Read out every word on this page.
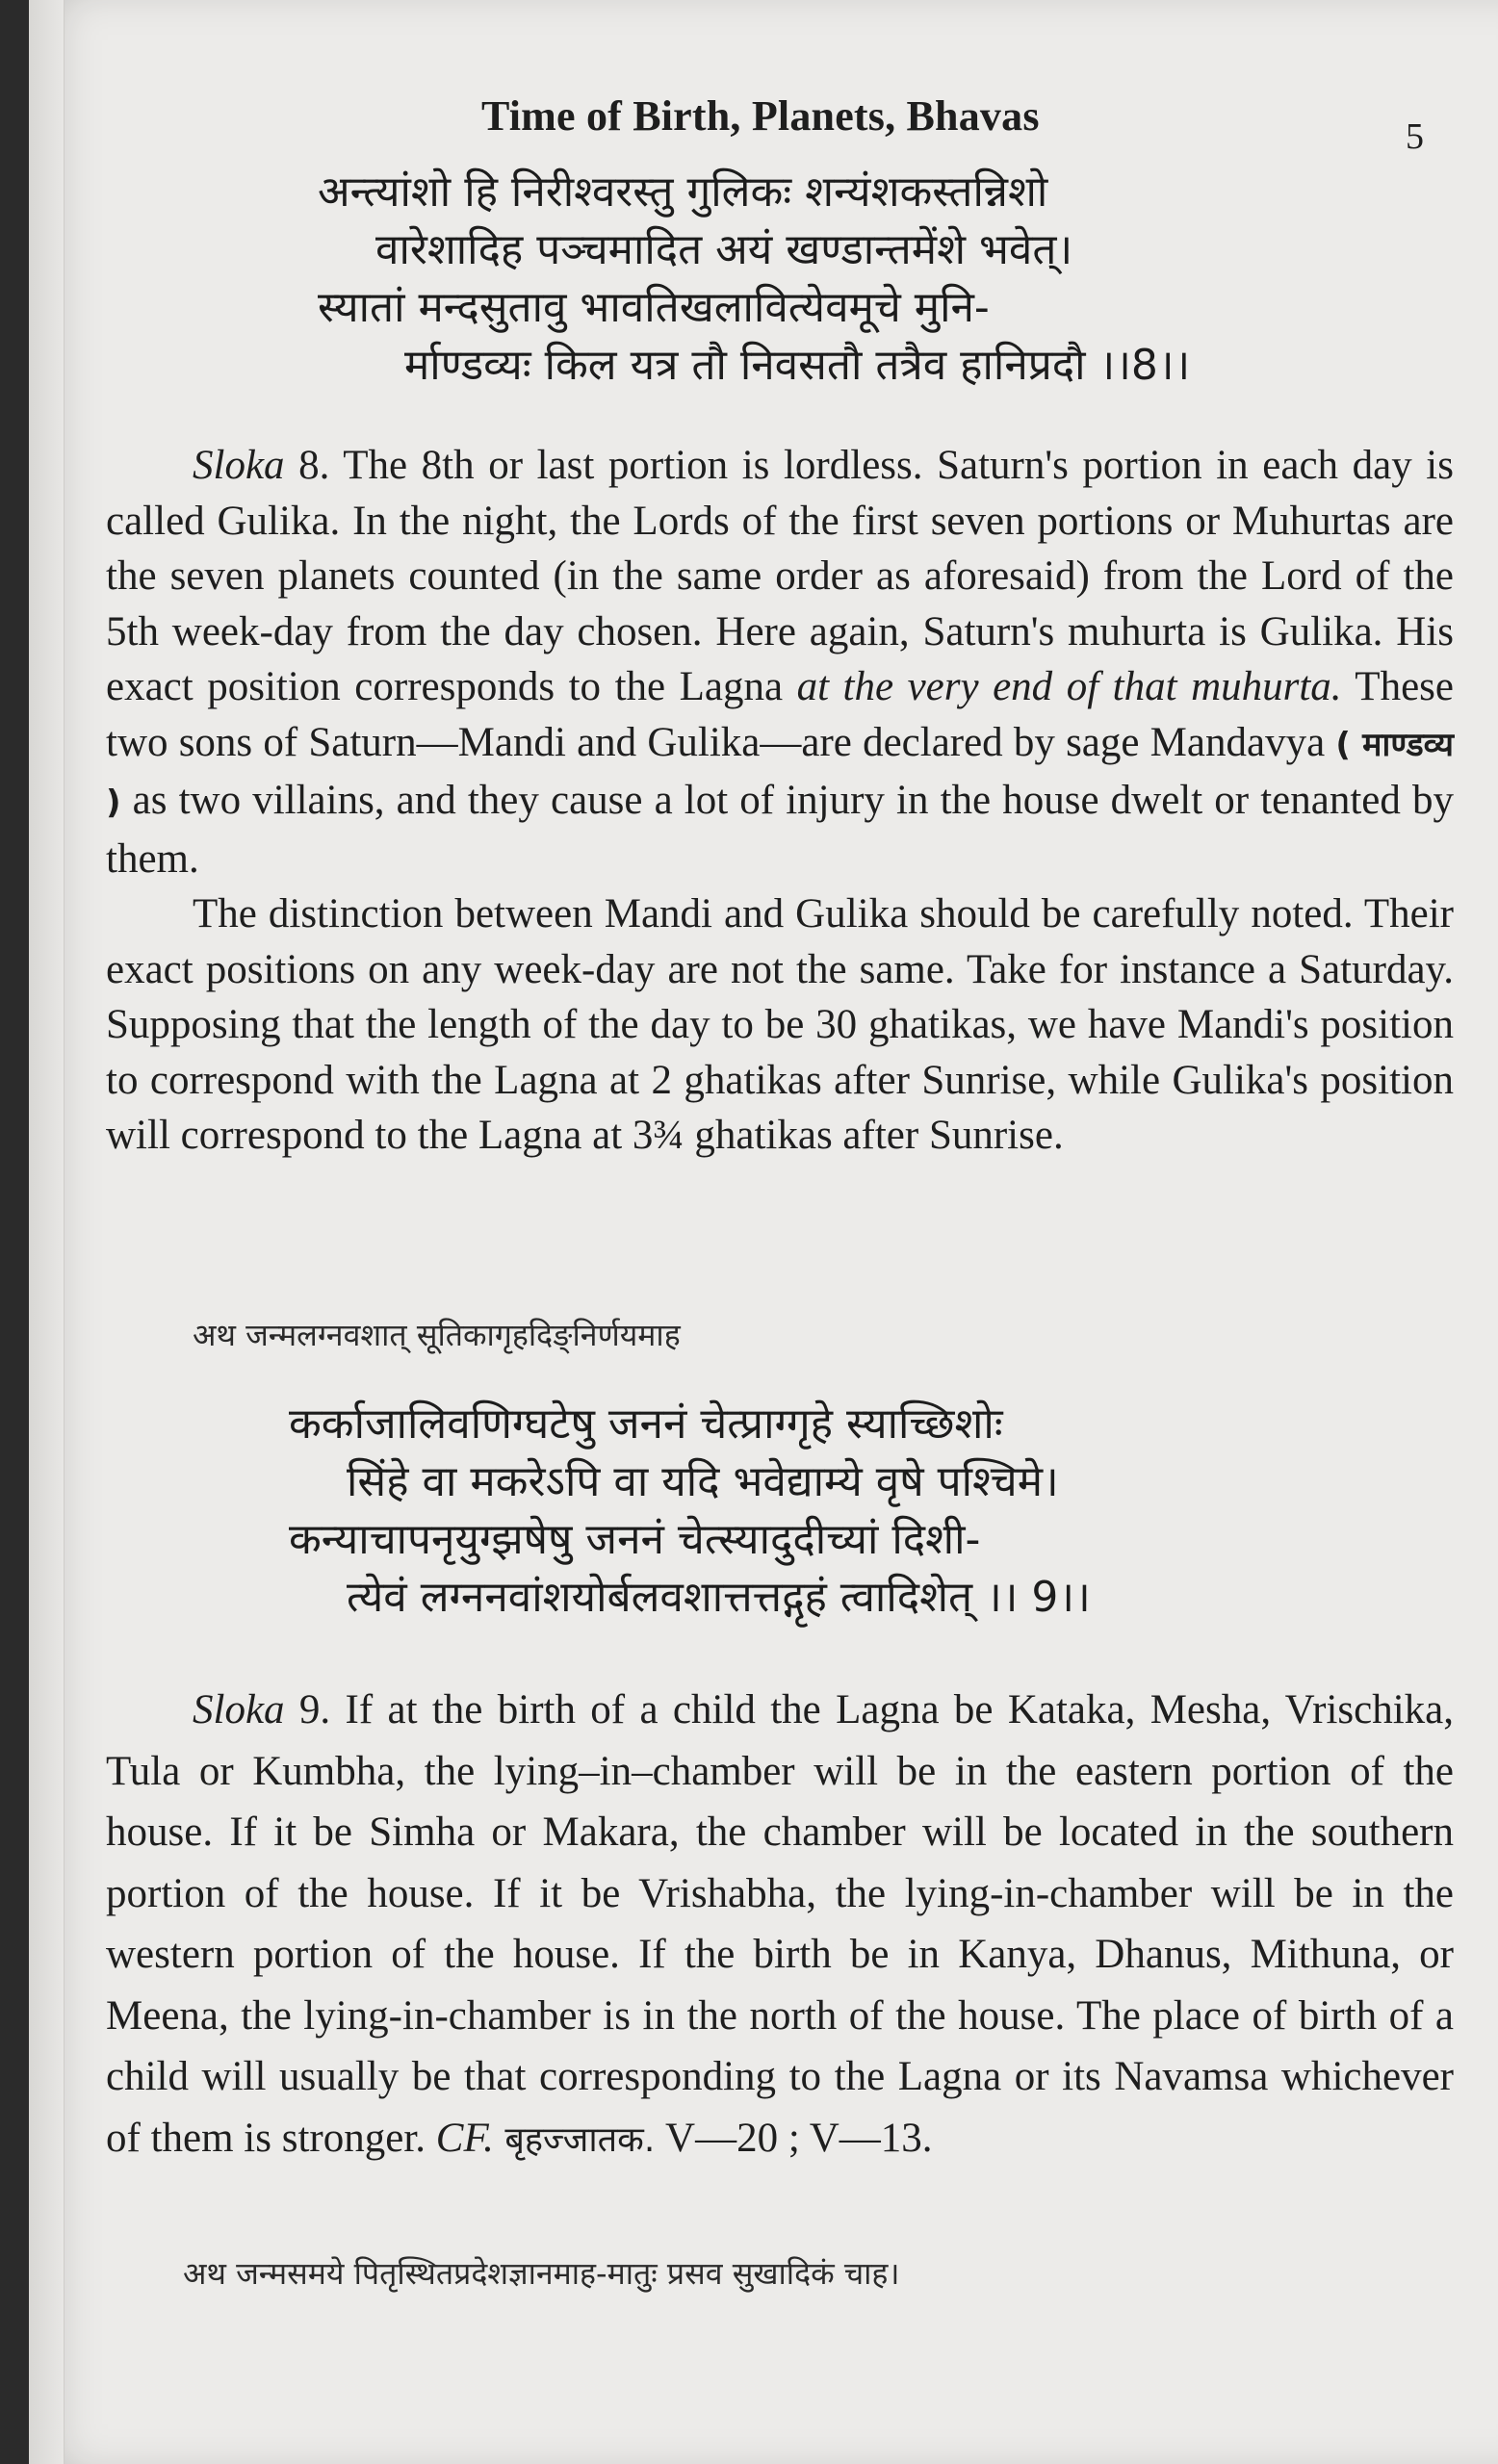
Time of Birth, Planets, Bhavas	5
अन्त्यांशो हि निरीश्वरस्तु गुलिकः शन्यंशकस्तन्निशो
वारेशादिह पञ्चमादित अयं खण्डान्तमेंशे भवेत्।
स्यातां मन्दसुतावु भावतिखलावित्येवमूचे मुनि-
र्माण्डव्यः किल यत्र तौ निवसतौ तत्रैव हानिप्रदौ ।।8।।

Sloka 8. The 8th or last portion is lordless. Saturn's portion in each day is called Gulika. In the night, the Lords of the first seven portions or Muhurtas are the seven planets counted (in the same order as aforesaid) from the Lord of the 5th week-day from the day chosen. Here again, Saturn's muhurta is Gulika. His exact position corresponds to the Lagna at the very end of that muhurta. These two sons of Saturn—Mandi and Gulika—are declared by sage Mandavya ( माण्डव्य ) as two villains, and they cause a lot of injury in the house dwelt or tenanted by them.

The distinction between Mandi and Gulika should be carefully noted. Their exact positions on any week-day are not the same. Take for instance a Saturday. Supposing that the length of the day to be 30 ghatikas, we have Mandi's position to correspond with the Lagna at 2 ghatikas after Sunrise, while Gulika's position will correspond to the Lagna at 3¾ ghatikas after Sunrise.

अथ जन्मलग्नवशात् सूतिकागृहदिङ्निर्णयमाह
कर्काजालिवणिग्घटेषु जननं चेत्प्राग्गृहे स्याच्छिशोः
सिंहे वा मकरेऽपि वा यदि भवेद्याम्ये वृषे पश्चिमे।
कन्याचापनृयुग्झषेषु जननं चेत्स्यादुदीच्यां दिशी-
त्येवं लग्ननवांशयोर्बलवशात्तत्तद्गृहं त्वादिशेत् ।। 9।।

Sloka 9. If at the birth of a child the Lagna be Kataka, Mesha, Vrischika, Tula or Kumbha, the lying–in–chamber will be in the eastern portion of the house. If it be Simha or Makara, the chamber will be located in the southern portion of the house. If it be Vrishabha, the lying-in-chamber will be in the western portion of the house. If the birth be in Kanya, Dhanus, Mithuna, or Meena, the lying-in-chamber is in the north of the house. The place of birth of a child will usually be that corresponding to the Lagna or its Navamsa whichever of them is stronger. CF. बृहज्जातक. V—20 ; V—13.

अथ जन्मसमये पितृस्थितप्रदेशज्ञानमाह-मातुः प्रसव सुखादिकं चाह।
